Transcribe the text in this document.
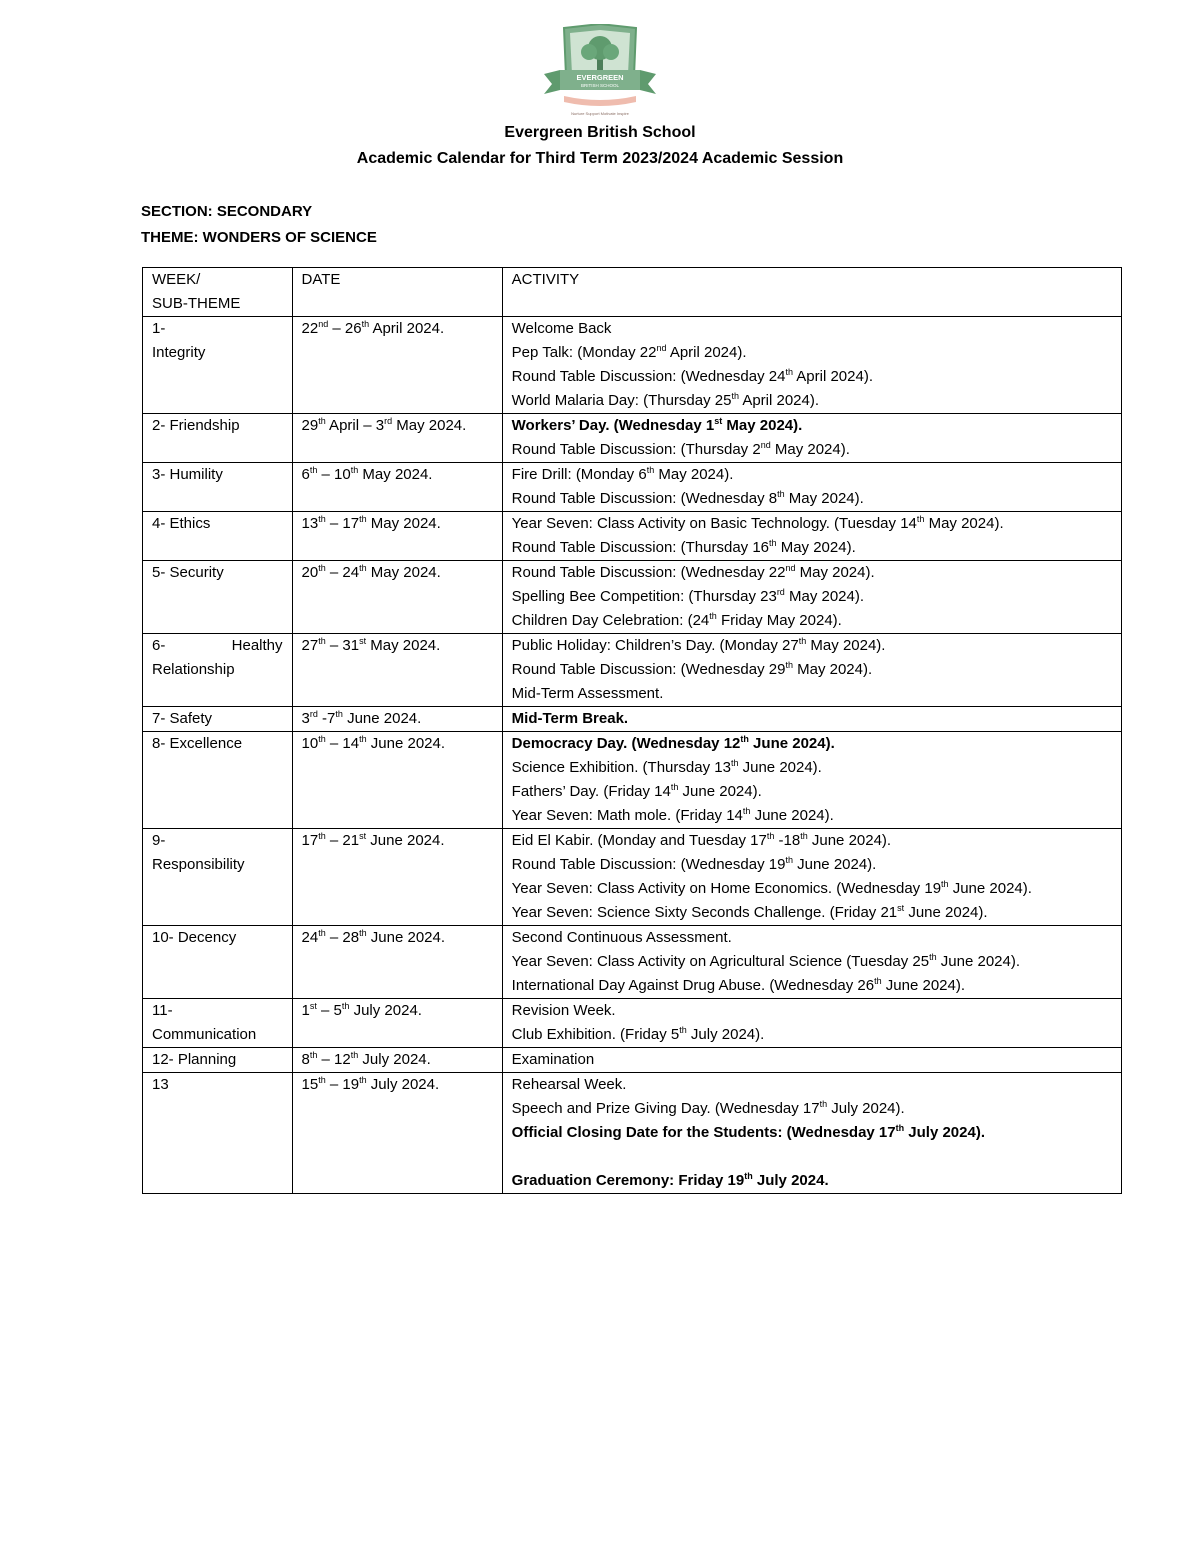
EVERGREEN
BRITISH SCHOOL
Nurture Support Motivate Inspire
Evergreen British School
Academic Calendar for Third Term 2023/2024 Academic Session
SECTION: SECONDARY
THEME: WONDERS OF SCIENCE
WEEK/
SUB-THEME	DATE	ACTIVITY

1-
Integrity	22nd – 26th April 2024.	Welcome Back
Pep Talk: (Monday 22nd April 2024).
Round Table Discussion: (Wednesday 24th April 2024).
World Malaria Day: (Thursday 25th April 2024).

2- Friendship	29th April – 3rd May 2024.	Workers’ Day. (Wednesday 1st May 2024).
Round Table Discussion: (Thursday 2nd May 2024).

3- Humility	6th – 10th May 2024.	Fire Drill: (Monday 6th May 2024).
Round Table Discussion: (Wednesday 8th May 2024).

4- Ethics	13th – 17th May 2024.	Year Seven: Class Activity on Basic Technology. (Tuesday 14th May 2024).
Round Table Discussion: (Thursday 16th May 2024).

5- Security	20th – 24th May 2024.	Round Table Discussion: (Wednesday 22nd May 2024).
Spelling Bee Competition: (Thursday 23rd May 2024).
Children Day Celebration: (24th Friday May 2024).

6- Healthy
Relationship	27th – 31st May 2024.	Public Holiday: Children’s Day. (Monday 27th May 2024).
Round Table Discussion: (Wednesday 29th May 2024).
Mid-Term Assessment.

7- Safety	3rd -7th June 2024.	Mid-Term Break.

8- Excellence	10th – 14th June 2024.	Democracy Day. (Wednesday 12th June 2024).
Science Exhibition. (Thursday 13th June 2024).
Fathers’ Day. (Friday 14th June 2024).
Year Seven: Math mole. (Friday 14th June 2024).

9-
Responsibility	17th – 21st June 2024.	Eid El Kabir. (Monday and Tuesday 17th -18th June 2024).
Round Table Discussion: (Wednesday 19th June 2024).
Year Seven: Class Activity on Home Economics. (Wednesday 19th June 2024).
Year Seven: Science Sixty Seconds Challenge. (Friday 21st June 2024).

10- Decency	24th – 28th June 2024.	Second Continuous Assessment.
Year Seven: Class Activity on Agricultural Science (Tuesday 25th June 2024).
International Day Against Drug Abuse. (Wednesday 26th June 2024).

11-
Communication	1st – 5th July 2024.	Revision Week.
Club Exhibition. (Friday 5th July 2024).

12- Planning	8th – 12th July 2024.	Examination

13	15th – 19th July 2024.	Rehearsal Week.
Speech and Prize Giving Day. (Wednesday 17th July 2024).
Official Closing Date for the Students: (Wednesday 17th July 2024).
Graduation Ceremony: Friday 19th July 2024.
